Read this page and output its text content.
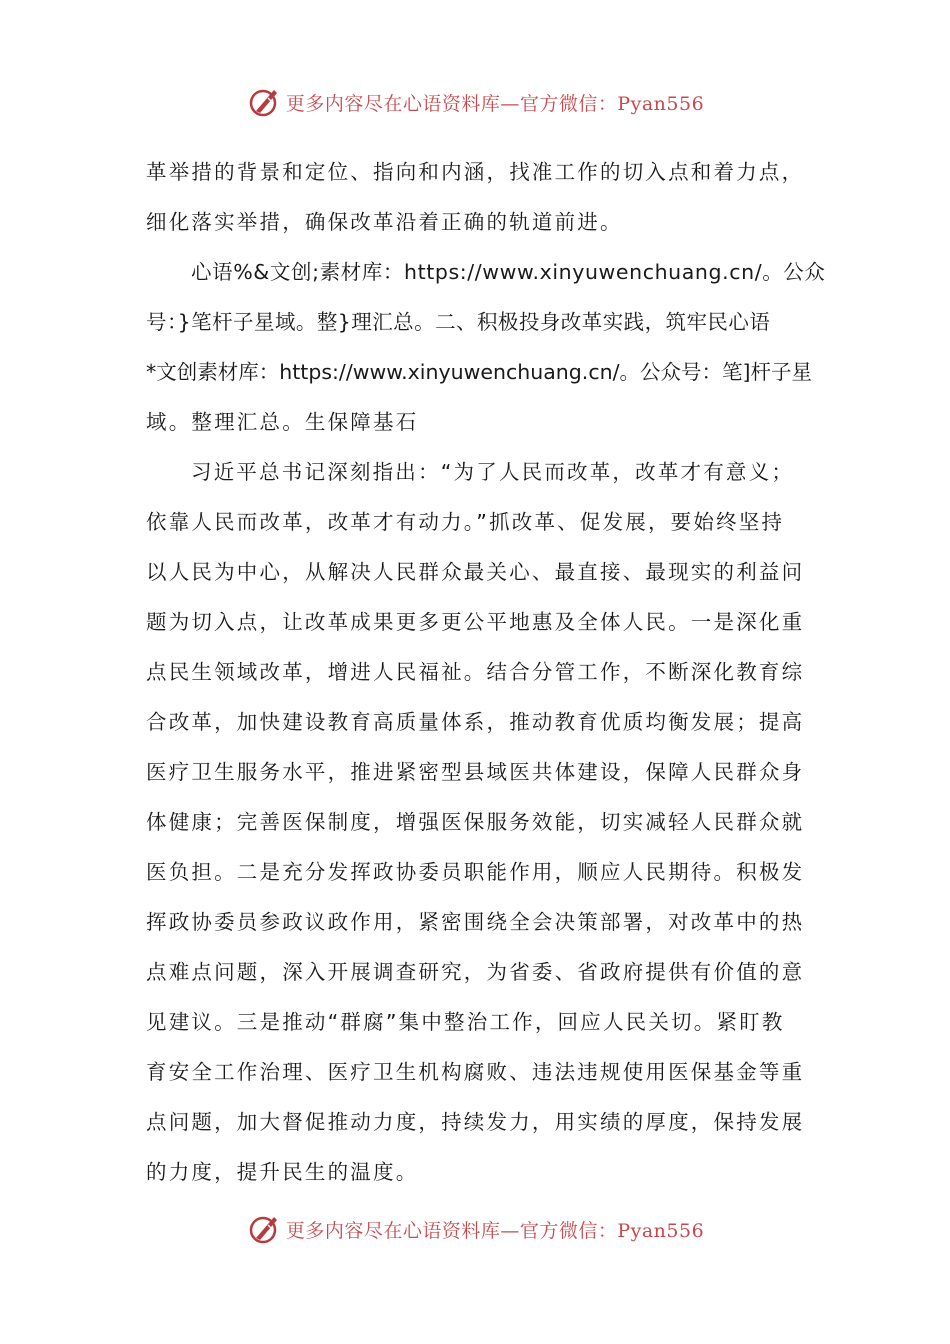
更多内容尽在心语资料库—官方微信：Pyan556

革举措的背景和定位、指向和内涵，找准工作的切入点和着力点，

细化落实举措，确保改革沿着正确的轨道前进。

心语%&文创;素材库：https://www.xinyuwenchuang.cn/。公众

号：}笔杆子星域。整}理汇总。二、积极投身改革实践，筑牢民心语

*文创素材库：https://www.xinyuwenchuang.cn/。公众号：笔]杆子星

域。整理汇总。生保障基石

习近平总书记深刻指出：“为了人民而改革，改革才有意义；

依靠人民而改革，改革才有动力。”抓改革、促发展，要始终坚持

以人民为中心，从解决人民群众最关心、最直接、最现实的利益问

题为切入点，让改革成果更多更公平地惠及全体人民。一是深化重

点民生领域改革，增进人民福祉。结合分管工作，不断深化教育综

合改革，加快建设教育高质量体系，推动教育优质均衡发展；提高

医疗卫生服务水平，推进紧密型县域医共体建设，保障人民群众身

体健康；完善医保制度，增强医保服务效能，切实减轻人民群众就

医负担。二是充分发挥政协委员职能作用，顺应人民期待。积极发

挥政协委员参政议政作用，紧密围绕全会决策部署，对改革中的热

点难点问题，深入开展调查研究，为省委、省政府提供有价值的意

见建议。三是推动“群腐”集中整治工作，回应人民关切。紧盯教

育安全工作治理、医疗卫生机构腐败、违法违规使用医保基金等重

点问题，加大督促推动力度，持续发力，用实绩的厚度，保持发展

的力度，提升民生的温度。

更多内容尽在心语资料库—官方微信：Pyan556
